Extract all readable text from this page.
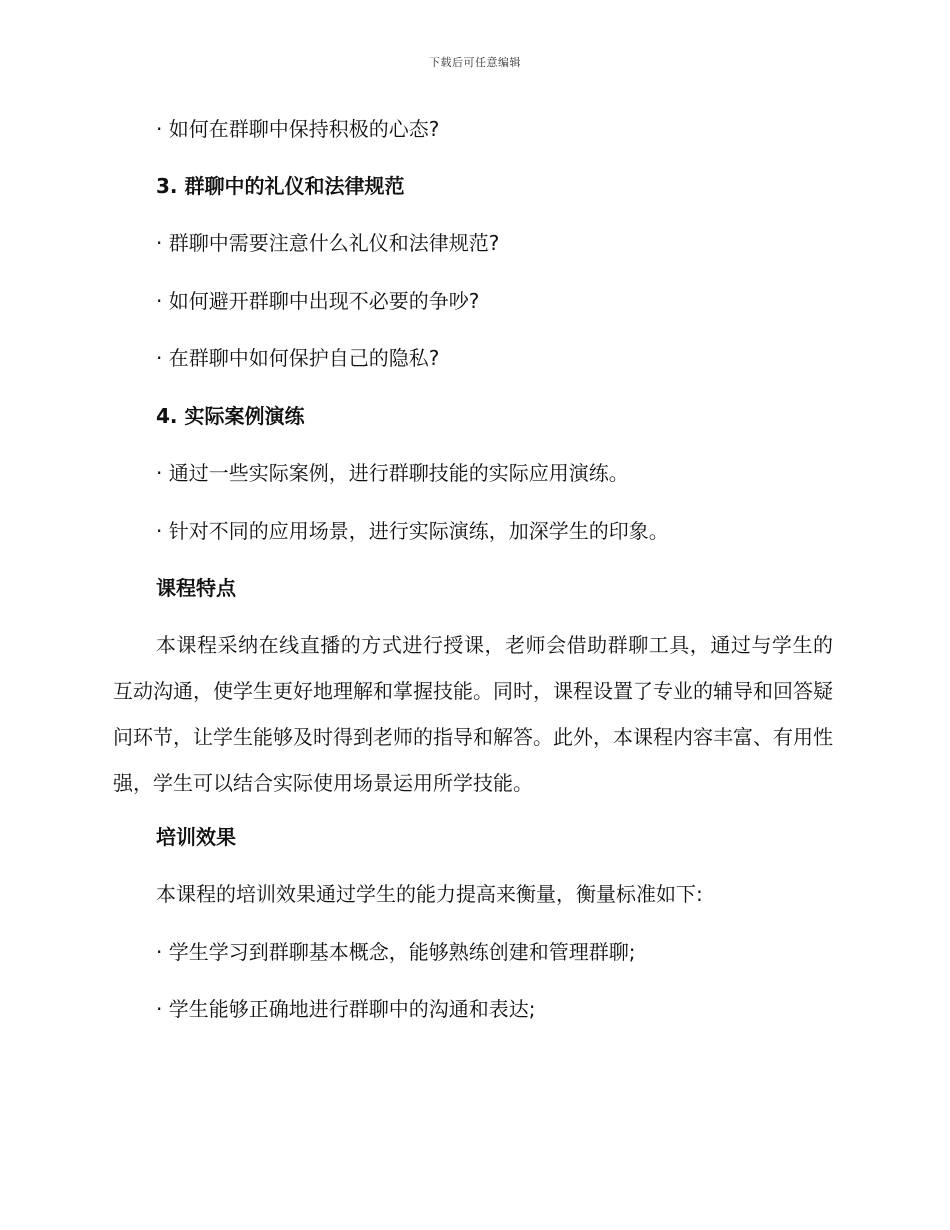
下载后可任意编辑
· 如何在群聊中保持积极的心态?
3. 群聊中的礼仪和法律规范
· 群聊中需要注意什么礼仪和法律规范?
· 如何避开群聊中出现不必要的争吵?
· 在群聊中如何保护自己的隐私?
4. 实际案例演练
· 通过一些实际案例，进行群聊技能的实际应用演练。
· 针对不同的应用场景，进行实际演练，加深学生的印象。
课程特点

本课程采纳在线直播的方式进行授课，老师会借助群聊工具，通过与学生的互动沟通，使学生更好地理解和掌握技能。同时，课程设置了专业的辅导和回答疑问环节，让学生能够及时得到老师的指导和解答。此外，本课程内容丰富、有用性强，学生可以结合实际使用场景运用所学技能。

培训效果
本课程的培训效果通过学生的能力提高来衡量，衡量标准如下:
· 学生学习到群聊基本概念，能够熟练创建和管理群聊;
· 学生能够正确地进行群聊中的沟通和表达;
